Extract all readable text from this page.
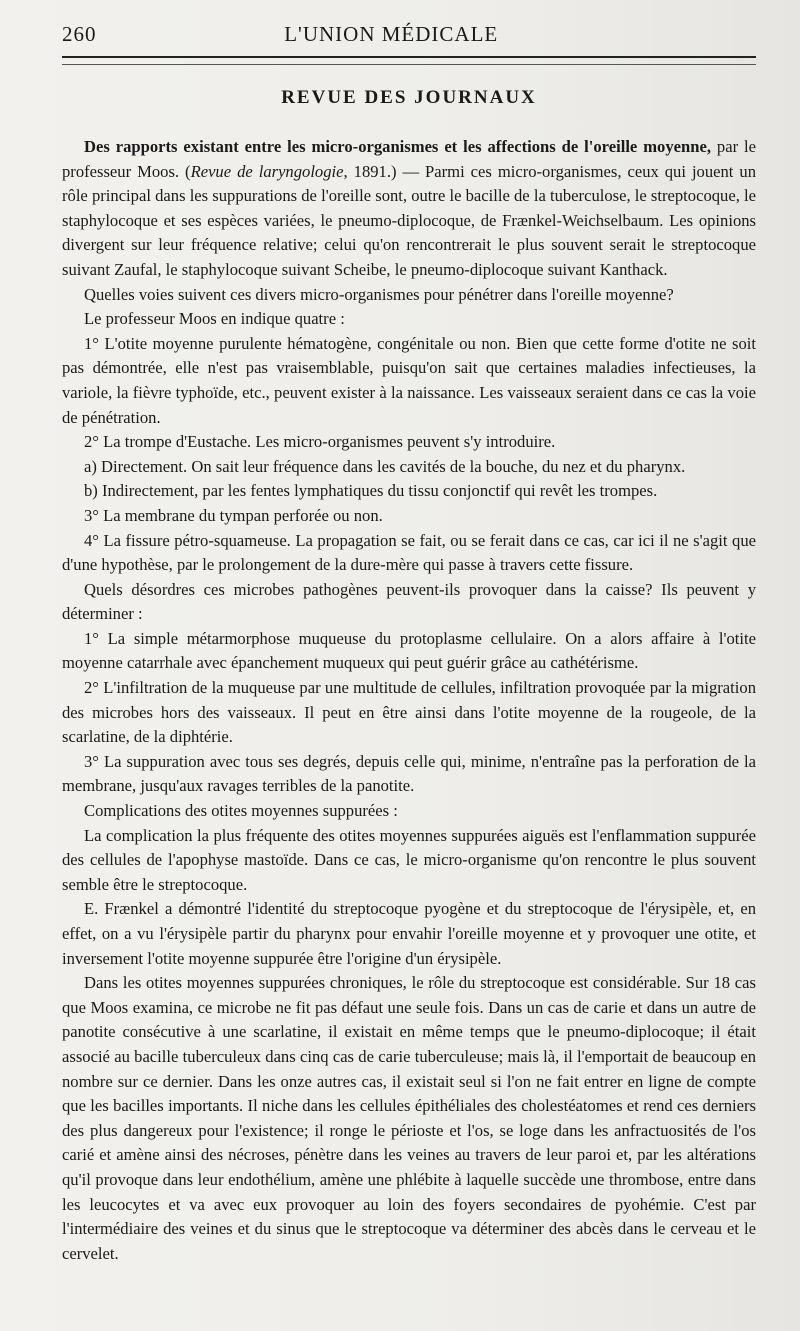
260	L'UNION MÉDICALE
REVUE DES JOURNAUX

Des rapports existant entre les micro-organismes et les affections de l'oreille moyenne, par le professeur Moos. (Revue de laryngologie, 1891.) — Parmi ces micro-organismes, ceux qui jouent un rôle principal dans les suppurations de l'oreille sont, outre le bacille de la tuberculose, le streptocoque, le staphylocoque et ses espèces variées, le pneumo-diplocoque, de Frænkel-Weichselbaum. Les opinions divergent sur leur fréquence relative; celui qu'on rencontrerait le plus souvent serait le streptocoque suivant Zaufal, le staphylocoque suivant Scheibe, le pneumo-diplocoque suivant Kanthack.

Quelles voies suivent ces divers micro-organismes pour pénétrer dans l'oreille moyenne?

Le professeur Moos en indique quatre :

1° L'otite moyenne purulente hématogène, congénitale ou non. Bien que cette forme d'otite ne soit pas démontrée, elle n'est pas vraisemblable, puisqu'on sait que certaines maladies infectieuses, la variole, la fièvre typhoïde, etc., peuvent exister à la naissance. Les vaisseaux seraient dans ce cas la voie de pénétration.

2° La trompe d'Eustache. Les micro-organismes peuvent s'y introduire.

a) Directement. On sait leur fréquence dans les cavités de la bouche, du nez et du pharynx.

b) Indirectement, par les fentes lymphatiques du tissu conjonctif qui revêt les trompes.

3° La membrane du tympan perforée ou non.

4° La fissure pétro-squameuse. La propagation se fait, ou se ferait dans ce cas, car ici il ne s'agit que d'une hypothèse, par le prolongement de la dure-mère qui passe à travers cette fissure.

Quels désordres ces microbes pathogènes peuvent-ils provoquer dans la caisse? Ils peuvent y déterminer :

1° La simple métarmorphose muqueuse du protoplasme cellulaire. On a alors affaire à l'otite moyenne catarrhale avec épanchement muqueux qui peut guérir grâce au cathétérisme.

2° L'infiltration de la muqueuse par une multitude de cellules, infiltration provoquée par la migration des microbes hors des vaisseaux. Il peut en être ainsi dans l'otite moyenne de la rougeole, de la scarlatine, de la diphtérie.

3° La suppuration avec tous ses degrés, depuis celle qui, minime, n'entraîne pas la perforation de la membrane, jusqu'aux ravages terribles de la panotite.

Complications des otites moyennes suppurées :

La complication la plus fréquente des otites moyennes suppurées aiguës est l'enflammation suppurée des cellules de l'apophyse mastoïde. Dans ce cas, le micro-organisme qu'on rencontre le plus souvent semble être le streptocoque.

E. Frænkel a démontré l'identité du streptocoque pyogène et du streptocoque de l'érysipèle, et, en effet, on a vu l'érysipèle partir du pharynx pour envahir l'oreille moyenne et y provoquer une otite, et inversement l'otite moyenne suppurée être l'origine d'un érysipèle.

Dans les otites moyennes suppurées chroniques, le rôle du streptocoque est considérable. Sur 18 cas que Moos examina, ce microbe ne fit pas défaut une seule fois. Dans un cas de carie et dans un autre de panotite consécutive à une scarlatine, il existait en même temps que le pneumo-diplocoque; il était associé au bacille tuberculeux dans cinq cas de carie tuberculeuse; mais là, il l'emportait de beaucoup en nombre sur ce dernier. Dans les onze autres cas, il existait seul si l'on ne fait entrer en ligne de compte que les bacilles importants. Il niche dans les cellules épithéliales des cholestéatomes et rend ces derniers des plus dangereux pour l'existence; il ronge le périoste et l'os, se loge dans les anfractuosités de l'os carié et amène ainsi des nécroses, pénètre dans les veines au travers de leur paroi et, par les altérations qu'il provoque dans leur endothélium, amène une phlébite à laquelle succède une thrombose, entre dans les leucocytes et va avec eux provoquer au loin des foyers secondaires de pyohémie. C'est par l'intermédiaire des veines et du sinus que le streptocoque va déterminer des abcès dans le cerveau et le cervelet.
